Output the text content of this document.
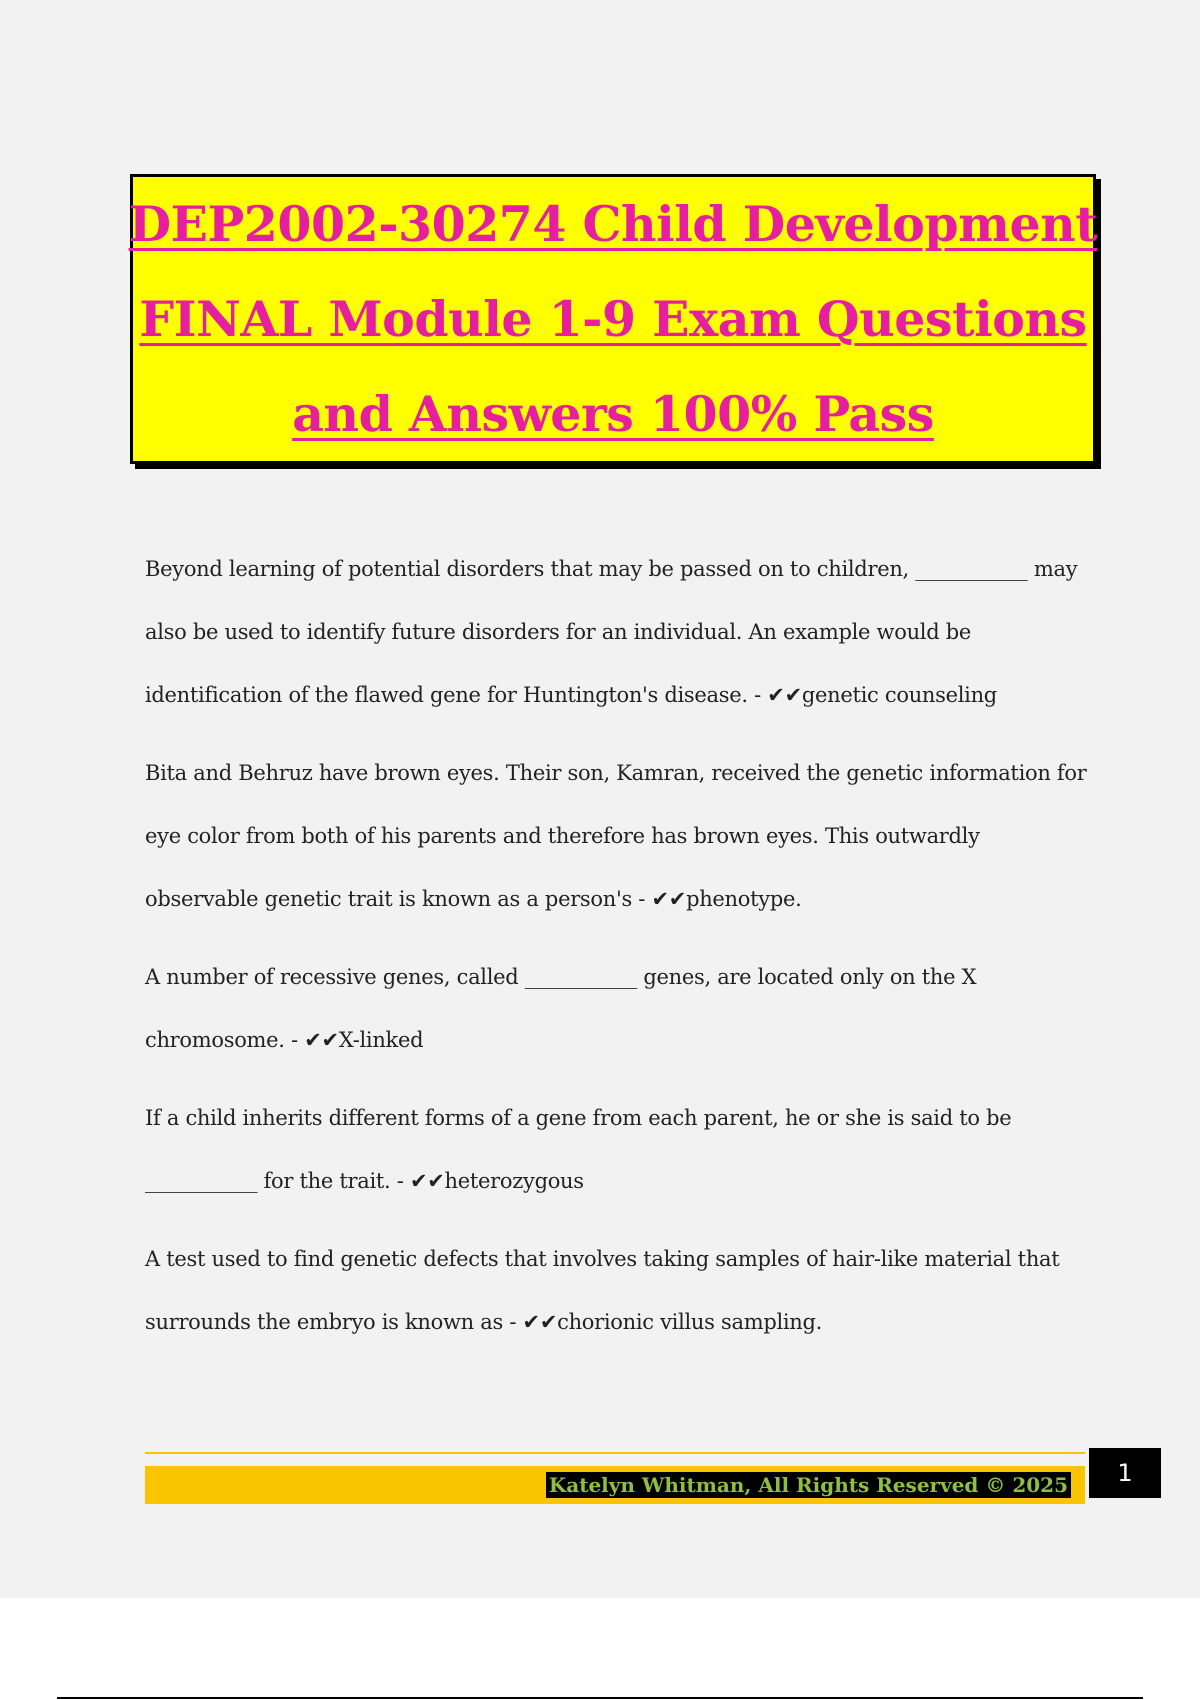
DEP2002-30274 Child Development
FINAL Module 1-9 Exam Questions
and Answers 100% Pass

Beyond learning of potential disorders that may be passed on to children, ___________ may also be used to identify future disorders for an individual. An example would be identification of the flawed gene for Huntington's disease. - ✔✔genetic counseling

Bita and Behruz have brown eyes. Their son, Kamran, received the genetic information for eye color from both of his parents and therefore has brown eyes. This outwardly observable genetic trait is known as a person's - ✔✔phenotype.

A number of recessive genes, called ___________ genes, are located only on the X chromosome. - ✔✔X-linked

If a child inherits different forms of a gene from each parent, he or she is said to be ___________ for the trait. - ✔✔heterozygous

A test used to find genetic defects that involves taking samples of hair-like material that surrounds the embryo is known as - ✔✔chorionic villus sampling.

Katelyn Whitman, All Rights Reserved © 2025	1
